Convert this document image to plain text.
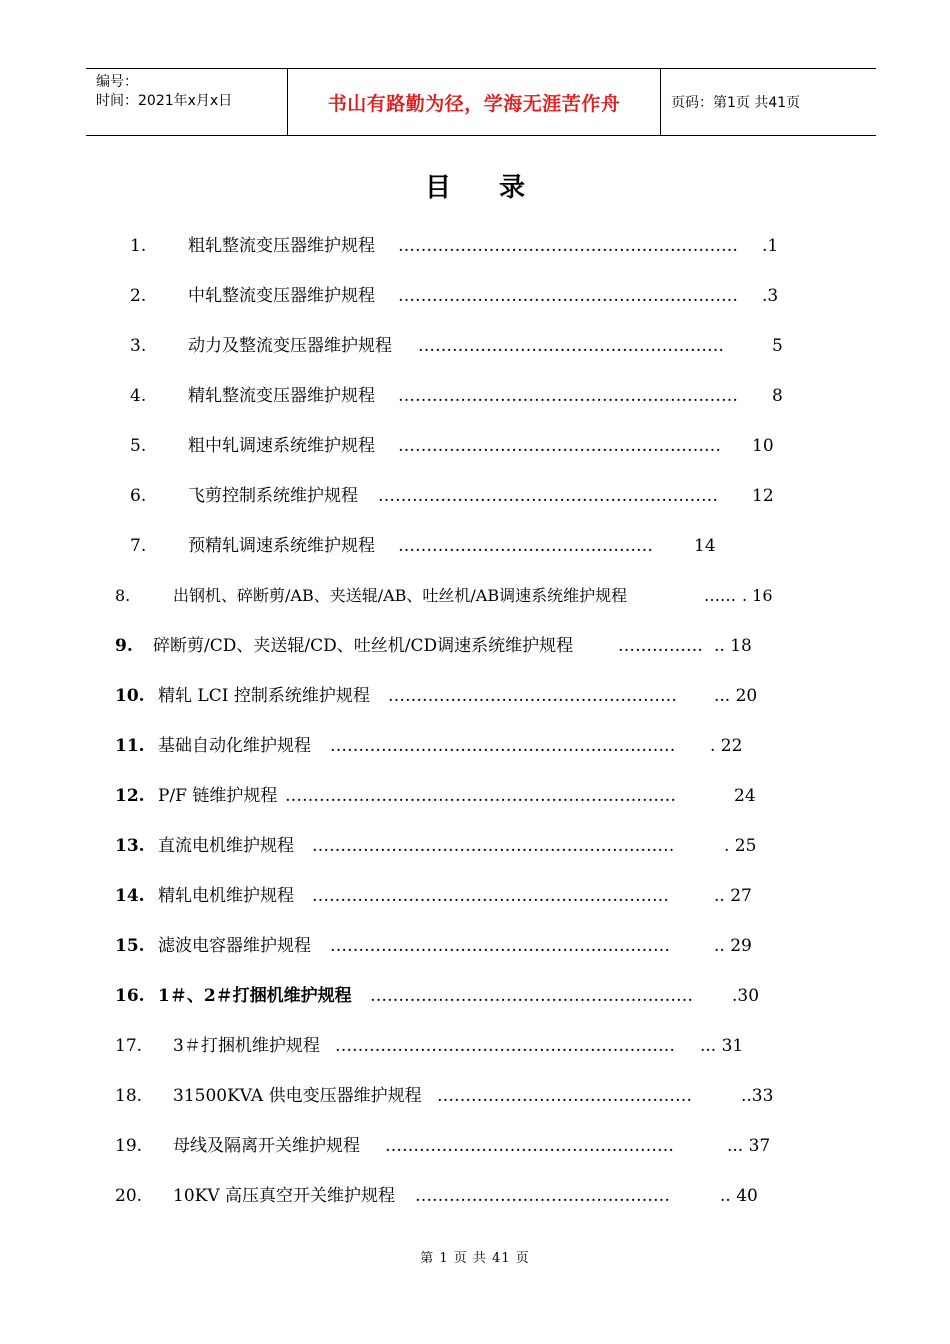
编号：
时间：2021年x月x日	书山有路勤为径，学海无涯苦作舟	页码：第1页 共41页
目录
1. 粗轧整流变压器维护规程 ……………………………………………………	.1
2. 中轧整流变压器维护规程 ……………………………………………………	.3
3. 动力及整流变压器维护规程 ………………………………………………	5
4. 精轧整流变压器维护规程 ……………………………………………………	8
5. 粗中轧调速系统维护规程 …………………………………………………	10
6. 飞剪控制系统维护规程 ……………………………………………………	12
7. 预精轧调速系统维护规程 ………………………………………	14
8.	出钢机、碎断剪/AB、夹送辊/AB、吐丝机/AB调速系统维护规程	…… . 16
9. 碎断剪/CD、夹送辊/CD、吐丝机/CD调速系统维护规程	…………… .. 18
10. 精轧 LCI 控制系统维护规程 ……………………………………………	... 20
11. 基础自动化维护规程 ………………………………………….…………	. 22
12. P/F 链维护规程 ……………………………………………………………	24
13. 直流电机维护规程 …………………………………….…………………	. 25
14. 精轧电机维护规程 ………………………………………………………	.. 27
15. 滤波电容器维护规程 ……………………………………………………	.. 29
16. 1＃、2＃打捆机维护规程 …………………………………………………	.30
17. 3＃打捆机维护规程 ……………………………………………………	... 31
18. 31500KVA 供电变压器维护规程 ………………………………………	..33
19. 母线及隔离开关维护规程 ……………………………………………	... 37
20. 10KV 高压真空开关维护规程 ………………………………………	.. 40
第 1 页 共 41 页
